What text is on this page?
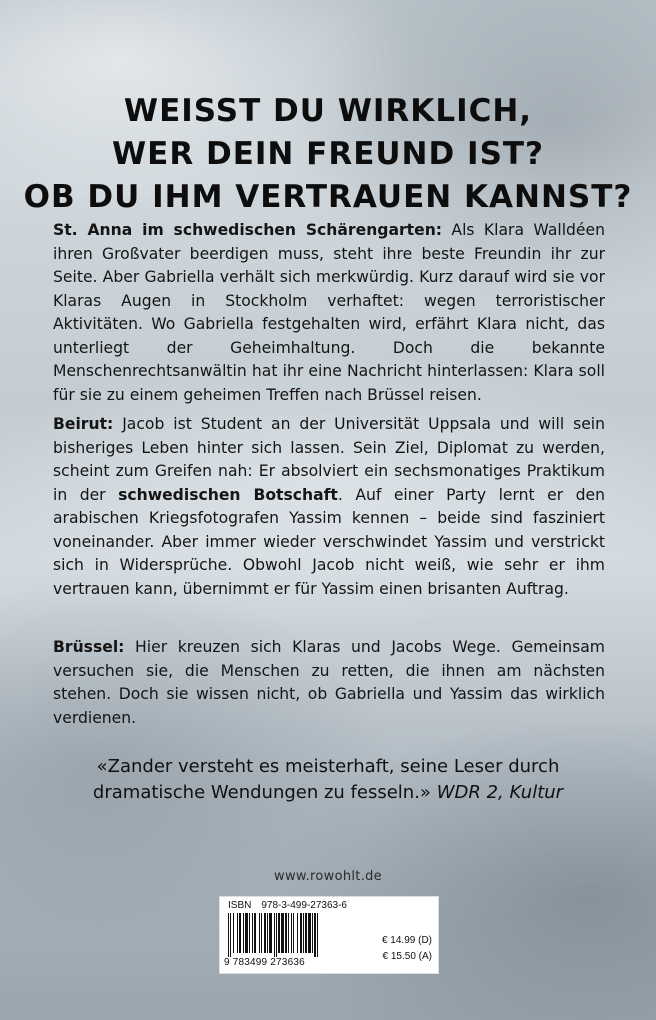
WEISST DU WIRKLICH,
WER DEIN FREUND IST?
OB DU IHM VERTRAUEN KANNST?
St. Anna im schwedischen Schärengarten: Als Klara Walldéen ihren Großvater beerdigen muss, steht ihre beste Freundin ihr zur Seite. Aber Gabriella verhält sich merkwürdig. Kurz darauf wird sie vor Klaras Augen in Stockholm verhaftet: wegen terroristischer Aktivitäten. Wo Gabriella festgehalten wird, erfährt Klara nicht, das unterliegt der Geheimhaltung. Doch die bekannte Menschenrechtsanwältin hat ihr eine Nachricht hinterlassen: Klara soll für sie zu einem geheimen Treffen nach Brüssel reisen.
Beirut: Jacob ist Student an der Universität Uppsala und will sein bisheriges Leben hinter sich lassen. Sein Ziel, Diplomat zu werden, scheint zum Greifen nah: Er absolviert ein sechsmonatiges Praktikum in der schwedischen Botschaft. Auf einer Party lernt er den arabischen Kriegsfotografen Yassim kennen – beide sind fasziniert voneinander. Aber immer wieder verschwindet Yassim und verstrickt sich in Widersprüche. Obwohl Jacob nicht weiß, wie sehr er ihm vertrauen kann, übernimmt er für Yassim einen brisanten Auftrag.
Brüssel: Hier kreuzen sich Klaras und Jacobs Wege. Gemeinsam versuchen sie, die Menschen zu retten, die ihnen am nächsten stehen. Doch sie wissen nicht, ob Gabriella und Yassim das wirklich verdienen.
«Zander versteht es meisterhaft, seine Leser durch
dramatische Wendungen zu fesseln.» WDR 2, Kultur
www.rowohlt.de
ISBN 978-3-499-27363-6
9 783499 273636
€ 14.99 (D)
€ 15.50 (A)
